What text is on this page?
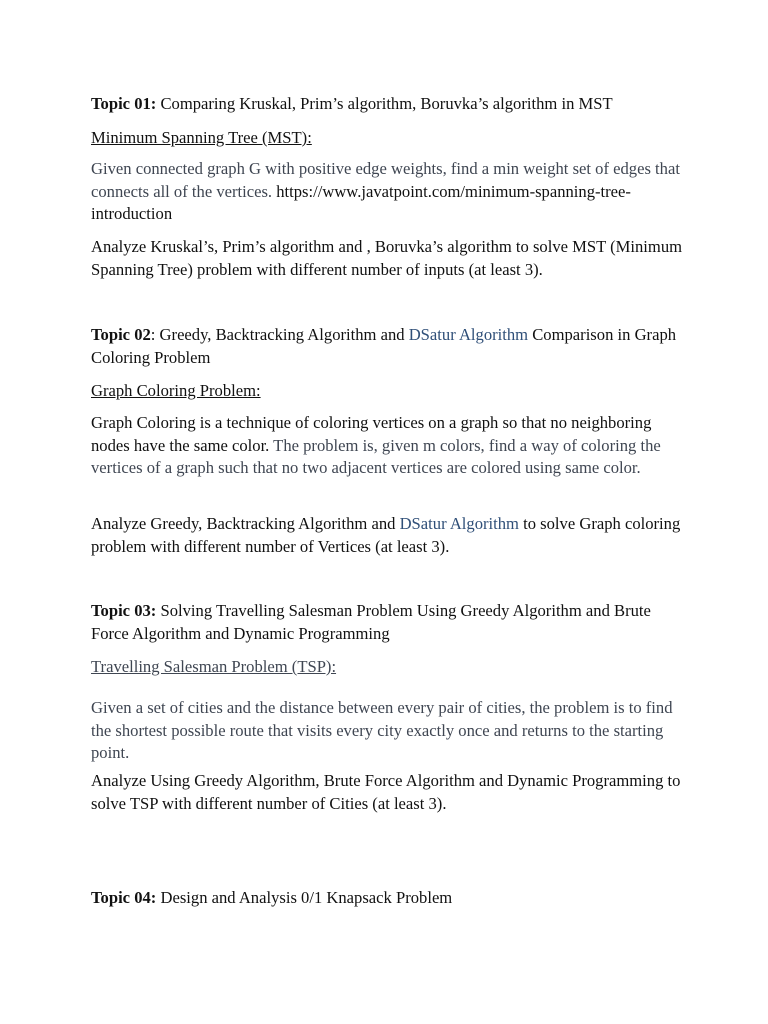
Topic 01: Comparing Kruskal, Prim’s algorithm, Boruvka’s algorithm in MST

Minimum Spanning Tree (MST):

Given connected graph G with positive edge weights, find a min weight set of edges that connects all of the vertices. https://www.javatpoint.com/minimum-spanning-tree-introduction

Analyze Kruskal’s, Prim’s algorithm and , Boruvka’s algorithm to solve MST (Minimum Spanning Tree) problem with different number of inputs (at least 3).

Topic 02: Greedy, Backtracking Algorithm and DSatur Algorithm Comparison in Graph Coloring Problem

Graph Coloring Problem:

Graph Coloring is a technique of coloring vertices on a graph so that no neighboring nodes have the same color. The problem is, given m colors, find a way of coloring the vertices of a graph such that no two adjacent vertices are colored using same color.

Analyze Greedy, Backtracking Algorithm and DSatur Algorithm to solve Graph coloring problem with different number of Vertices (at least 3).

Topic 03: Solving Travelling Salesman Problem Using Greedy Algorithm and Brute Force Algorithm and Dynamic Programming

Travelling Salesman Problem (TSP):

Given a set of cities and the distance between every pair of cities, the problem is to find the shortest possible route that visits every city exactly once and returns to the starting point.

Analyze Using Greedy Algorithm, Brute Force Algorithm and Dynamic Programming to solve TSP with different number of Cities (at least 3).

Topic 04: Design and Analysis 0/1 Knapsack Problem
